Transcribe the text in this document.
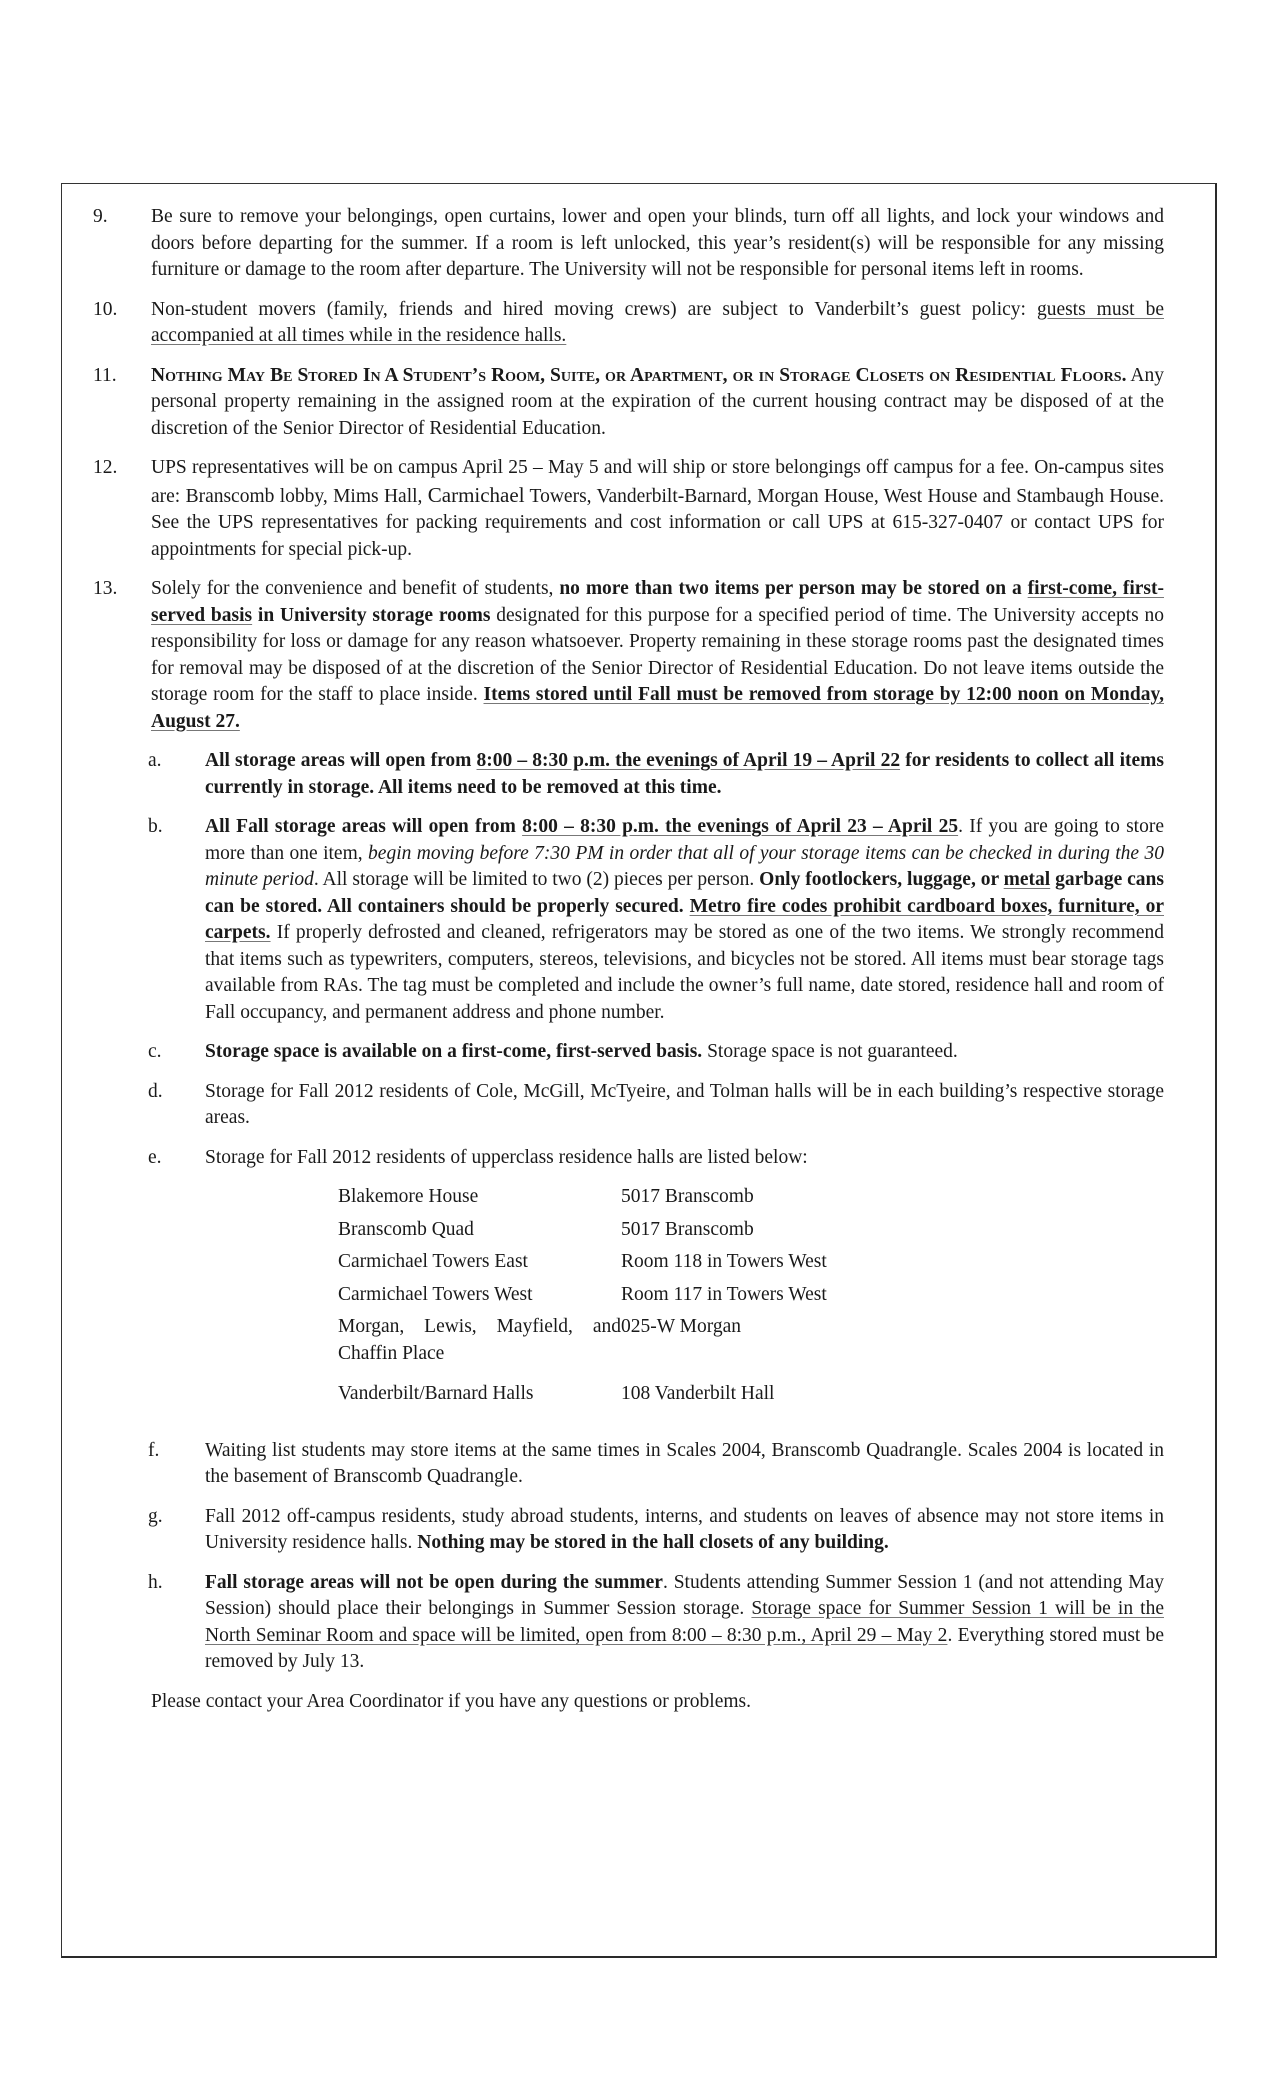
9. Be sure to remove your belongings, open curtains, lower and open your blinds, turn off all lights, and lock your windows and doors before departing for the summer. If a room is left unlocked, this year’s resident(s) will be responsible for any missing furniture or damage to the room after departure. The University will not be responsible for personal items left in rooms.
10. Non-student movers (family, friends and hired moving crews) are subject to Vanderbilt’s guest policy: guests must be accompanied at all times while in the residence halls.
11. Nothing May Be Stored In A Student’s Room, Suite, or Apartment, or in Storage Closets on Residential Floors. Any personal property remaining in the assigned room at the expiration of the current housing contract may be disposed of at the discretion of the Senior Director of Residential Education.
12. UPS representatives will be on campus April 25 – May 5 and will ship or store belongings off campus for a fee. On-campus sites are: Branscomb lobby, Mims Hall, Carmichael Towers, Vanderbilt-Barnard, Morgan House, West House and Stambaugh House. See the UPS representatives for packing requirements and cost information or call UPS at 615-327-0407 or contact UPS for appointments for special pick-up.
13. Solely for the convenience and benefit of students, no more than two items per person may be stored on a first-come, first-served basis in University storage rooms designated for this purpose for a specified period of time. The University accepts no responsibility for loss or damage for any reason whatsoever. Property remaining in these storage rooms past the designated times for removal may be disposed of at the discretion of the Senior Director of Residential Education. Do not leave items outside the storage room for the staff to place inside. Items stored until Fall must be removed from storage by 12:00 noon on Monday, August 27.
a. All storage areas will open from 8:00 – 8:30 p.m. the evenings of April 19 – April 22 for residents to collect all items currently in storage. All items need to be removed at this time.
b. All Fall storage areas will open from 8:00 – 8:30 p.m. the evenings of April 23 – April 25. If you are going to store more than one item, begin moving before 7:30 PM in order that all of your storage items can be checked in during the 30 minute period. All storage will be limited to two (2) pieces per person. Only footlockers, luggage, or metal garbage cans can be stored. All containers should be properly secured. Metro fire codes prohibit cardboard boxes, furniture, or carpets. If properly defrosted and cleaned, refrigerators may be stored as one of the two items. We strongly recommend that items such as typewriters, computers, stereos, televisions, and bicycles not be stored. All items must bear storage tags available from RAs. The tag must be completed and include the owner’s full name, date stored, residence hall and room of Fall occupancy, and permanent address and phone number.
c. Storage space is available on a first-come, first-served basis. Storage space is not guaranteed.
d. Storage for Fall 2012 residents of Cole, McGill, McTyeire, and Tolman halls will be in each building’s respective storage areas.
e. Storage for Fall 2012 residents of upperclass residence halls are listed below:
Blakemore House	5017 Branscomb
Branscomb Quad	5017 Branscomb
Carmichael Towers East	Room 118 in Towers West
Carmichael Towers West	Room 117 in Towers West
Morgan, Lewis, Mayfield, and Chaffin Place	025-W Morgan
Vanderbilt/Barnard Halls	108 Vanderbilt Hall
f. Waiting list students may store items at the same times in Scales 2004, Branscomb Quadrangle. Scales 2004 is located in the basement of Branscomb Quadrangle.
g. Fall 2012 off-campus residents, study abroad students, interns, and students on leaves of absence may not store items in University residence halls. Nothing may be stored in the hall closets of any building.
h. Fall storage areas will not be open during the summer. Students attending Summer Session 1 (and not attending May Session) should place their belongings in Summer Session storage. Storage space for Summer Session 1 will be in the North Seminar Room and space will be limited, open from 8:00 – 8:30 p.m., April 29 – May 2. Everything stored must be removed by July 13.
Please contact your Area Coordinator if you have any questions or problems.
